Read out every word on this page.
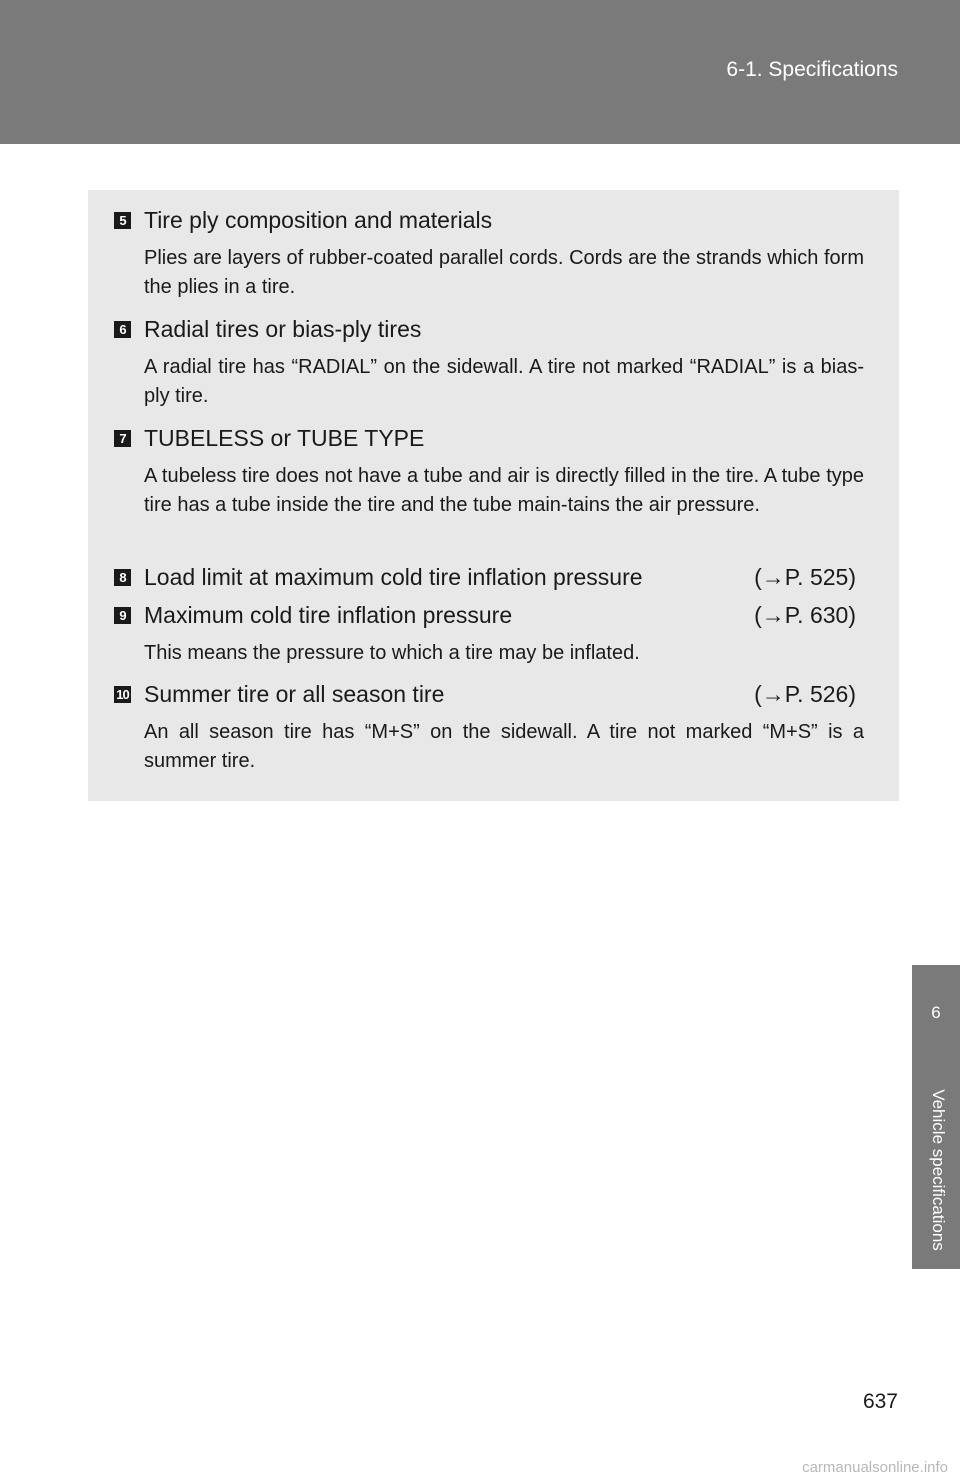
6-1. Specifications
5 Tire ply composition and materials
Plies are layers of rubber-coated parallel cords. Cords are the strands which form the plies in a tire.
6 Radial tires or bias-ply tires
A radial tire has “RADIAL” on the sidewall. A tire not marked “RADIAL” is a bias-ply tire.
7 TUBELESS or TUBE TYPE
A tubeless tire does not have a tube and air is directly filled in the tire. A tube type tire has a tube inside the tire and the tube main-tains the air pressure.
8 Load limit at maximum cold tire inflation pressure	(→P. 525)
9 Maximum cold tire inflation pressure	(→P. 630)
This means the pressure to which a tire may be inflated.
10 Summer tire or all season tire	(→P. 526)
An all season tire has “M+S” on the sidewall. A tire not marked “M+S” is a summer tire.
6
Vehicle specifications
637
carmanualsonline.info
